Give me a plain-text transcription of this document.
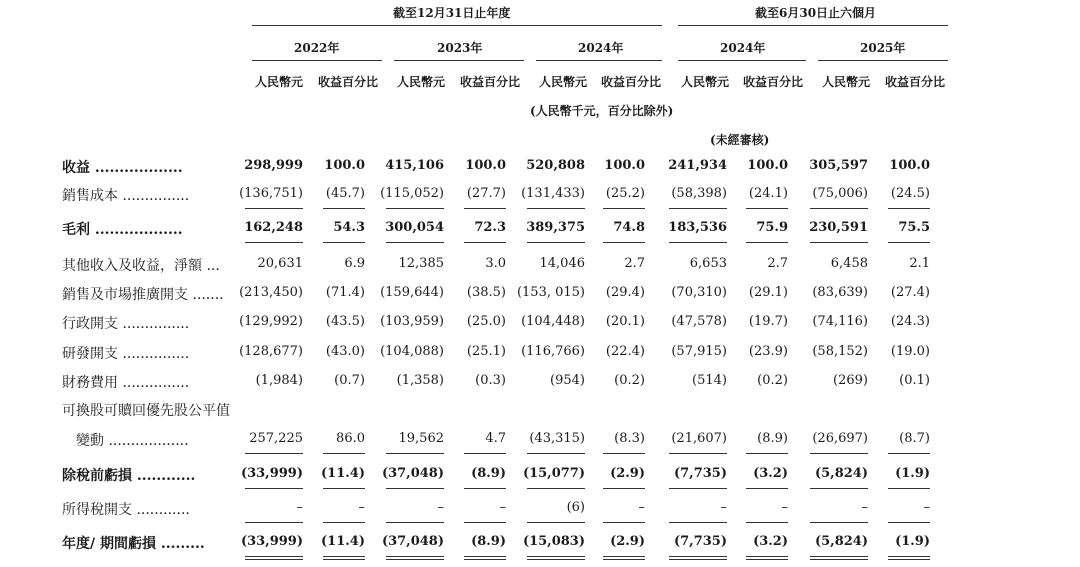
截至12月31日止年度	截至6月30日止六個月
2022年	2023年	2024年	2024年	2025年
人民幣元 收益百分比 人民幣元 收益百分比 人民幣元 收益百分比 人民幣元 收益百分比 人民幣元 收益百分比
(人民幣千元，百分比除外)
(未經審核)
收益 ..................	298,999	100.0	415,106	100.0	520,808	100.0	241,934	100.0	305,597	100.0
銷售成本 ...............	(136,751)	(45.7)	(115,052)	(27.7)	(131,433)	(25.2)	(58,398)	(24.1)	(75,006)	(24.5)
毛利 ..................	162,248	54.3	300,054	72.3	389,375	74.8	183,536	75.9	230,591	75.5
其他收入及收益，淨額 ...	20,631	6.9	12,385	3.0	14,046	2.7	6,653	2.7	6,458	2.1
銷售及市場推廣開支 .......	(213,450)	(71.4)	(159,644)	(38.5) (153, 015)	(29.4)	(70,310)	(29.1)	(83,639)	(27.4)
行政開支 ...............	(129,992)	(43.5)	(103,959)	(25.0)	(104,448)	(20.1)	(47,578)	(19.7)	(74,116)	(24.3)
研發開支 ...............	(128,677)	(43.0)	(104,088)	(25.1)	(116,766)	(22.4)	(57,915)	(23.9)	(58,152)	(19.0)
財務費用 ...............	(1,984)	(0.7)	(1,358)	(0.3)	(954)	(0.2)	(514)	(0.2)	(269)	(0.1)
可換股可贖回優先股公平值
變動 ..................	257,225	86.0	19,562	4.7	(43,315)	(8.3)	(21,607)	(8.9)	(26,697)	(8.7)
除稅前虧損 ............	(33,999)	(11.4)	(37,048)	(8.9)	(15,077)	(2.9)	(7,735)	(3.2)	(5,824)	(1.9)
所得稅開支 ............	–	–	–	–	(6)	–	–	–	–	–
年度/ 期間虧損 .........	(33,999)	(11.4)	(37,048)	(8.9)	(15,083)	(2.9)	(7,735)	(3.2)	(5,824)	(1.9)
